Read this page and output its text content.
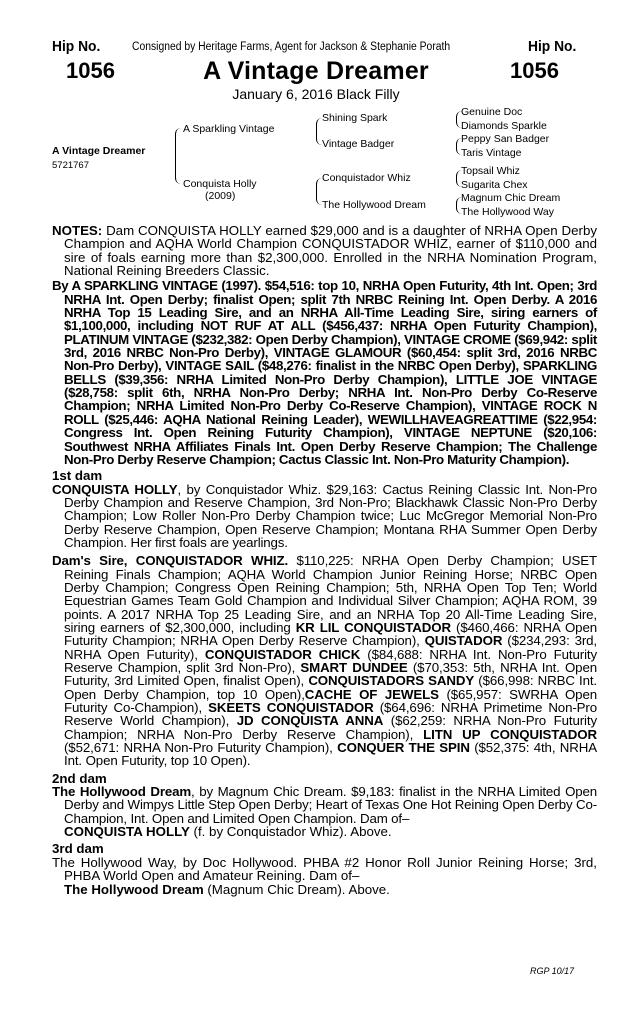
Hip No.
1056
Consigned by Heritage Farms, Agent for Jackson & Stephanie Porath	Hip No.
1056
A Vintage Dreamer
January 6, 2016 Black Filly
A Vintage Dreamer
5721767
A Sparkling Vintage
Conquista Holly
(2009)
Shining Spark
Vintage Badger
Conquistador Whiz
The Hollywood Dream
Genuine Doc
Diamonds Sparkle
Peppy San Badger
Taris Vintage
Topsail Whiz
Sugarita Chex
Magnum Chic Dream
The Hollywood Way

NOTES: Dam CONQUISTA HOLLY earned $29,000 and is a daughter of NRHA Open Derby Champion and AQHA World Champion CONQUISTADOR WHIZ, earner of $110,000 and sire of foals earning more than $2,300,000. Enrolled in the NRHA Nomination Program, National Reining Breeders Classic.

By A SPARKLING VINTAGE (1997). $54,516: top 10, NRHA Open Futurity, 4th Int. Open; 3rd NRHA Int. Open Derby; finalist Open; split 7th NRBC Reining Int. Open Derby. A 2016 NRHA Top 15 Leading Sire, and an NRHA All-Time Leading Sire, siring earners of $1,100,000, including NOT RUF AT ALL ($456,437: NRHA Open Futurity Champion), PLATINUM VINTAGE ($232,382: Open Derby Champion), VINTAGE CROME ($69,942: split 3rd, 2016 NRBC Non-Pro Derby), VINTAGE GLAMOUR ($60,454: split 3rd, 2016 NRBC Non-Pro Derby), VINTAGE SAIL ($48,276: finalist in the NRBC Open Derby), SPARKLING BELLS ($39,356: NRHA Limited Non-Pro Derby Champion), LITTLE JOE VINTAGE ($28,758: split 6th, NRHA Non-Pro Derby; NRHA Int. Non-Pro Derby Co-Reserve Champion; NRHA Limited Non-Pro Derby Co-Reserve Champion), VINTAGE ROCK N ROLL ($25,446: AQHA National Reining Leader), WEWILLHAVEAGREATTIME ($22,954: Congress Int. Open Reining Futurity Champion), VINTAGE NEPTUNE ($20,106: Southwest NRHA Affiliates Finals Int. Open Derby Reserve Champion; The Challenge Non-Pro Derby Reserve Champion; Cactus Classic Int. Non-Pro Maturity Champion).

1st dam

CONQUISTA HOLLY, by Conquistador Whiz. $29,163: Cactus Reining Classic Int. Non-Pro Derby Champion and Reserve Champion, 3rd Non-Pro; Blackhawk Classic Non-Pro Derby Champion; Low Roller Non-Pro Derby Champion twice; Luc McGregor Memorial Non-Pro Derby Reserve Champion, Open Reserve Champion; Montana RHA Summer Open Derby Champion. Her first foals are yearlings.

Dam's Sire, CONQUISTADOR WHIZ. $110,225: NRHA Open Derby Champion; USET Reining Finals Champion; AQHA World Champion Junior Reining Horse; NRBC Open Derby Champion; Congress Open Reining Champion; 5th, NRHA Open Top Ten; World Equestrian Games Team Gold Champion and Individual Silver Champion; AQHA ROM, 39 points. A 2017 NRHA Top 25 Leading Sire, and an NRHA Top 20 All-Time Leading Sire, siring earners of $2,300,000, including KR LIL CONQUISTADOR ($460,466: NRHA Open Futurity Champion; NRHA Open Derby Reserve Champion), QUISTADOR ($234,293: 3rd, NRHA Open Futurity), CONQUISTADOR CHICK ($84,688: NRHA Int. Non-Pro Futurity Reserve Champion, split 3rd Non-Pro), SMART DUNDEE ($70,353: 5th, NRHA Int. Open Futurity, 3rd Limited Open, finalist Open), CONQUISTADORS SANDY ($66,998: NRBC Int. Open Derby Champion, top 10 Open),CACHE OF JEWELS ($65,957: SWRHA Open Futurity Co-Champion), SKEETS CONQUISTADOR ($64,696: NRHA Primetime Non-Pro Reserve World Champion), JD CONQUISTA ANNA ($62,259: NRHA Non-Pro Futurity Champion; NRHA Non-Pro Derby Reserve Champion), LITN UP CONQUISTADOR ($52,671: NRHA Non-Pro Futurity Champion), CONQUER THE SPIN ($52,375: 4th, NRHA Int. Open Futurity, top 10 Open).

2nd dam

The Hollywood Dream, by Magnum Chic Dream. $9,183: finalist in the NRHA Limited Open Derby and Wimpys Little Step Open Derby; Heart of Texas One Hot Reining Open Derby Co-Champion, Int. Open and Limited Open Champion. Dam of–

CONQUISTA HOLLY (f. by Conquistador Whiz). Above.

3rd dam

The Hollywood Way, by Doc Hollywood. PHBA #2 Honor Roll Junior Reining Horse; 3rd, PHBA World Open and Amateur Reining. Dam of–

The Hollywood Dream (Magnum Chic Dream). Above.

RGP 10/17
